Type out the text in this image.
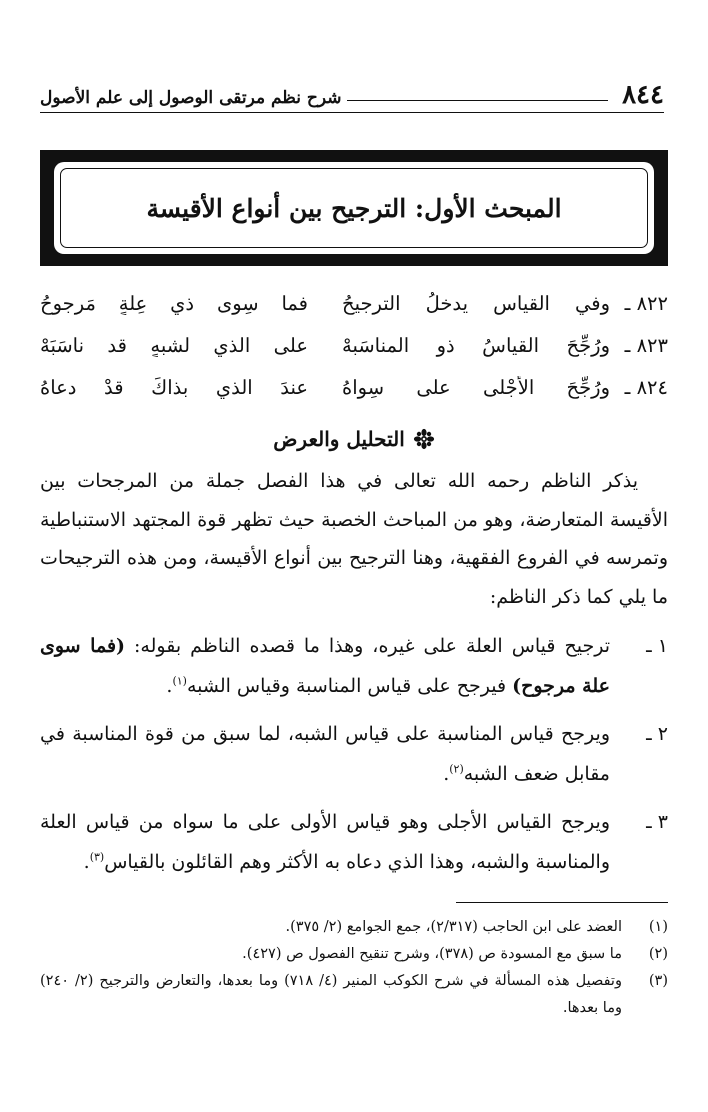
٨٤٤
شرح نظم مرتقى الوصول إلى علم الأصول
المبحث الأول: الترجيح بين أنواع الأقيسة
٨٢٢ ـ
وفي القياسِ يدخلُ الترجيحُ
فما سِوى ذي عِلةٍ مَرجوحُ
٨٢٣ ـ
ورُجِّحَ القياسُ ذو المناسَبهْ
على الذي لشبهٍ قد ناسَبَهْ
٨٢٤ ـ
ورُجِّحَ الأجْلى على سِواهُ
عندَ الذي بذاكَ قدْ دعاهُ
التحليل والعرض
يذكر الناظم رحمه الله تعالى في هذا الفصل جملة من المرجحات بين الأقيسة المتعارضة، وهو من المباحث الخصبة حيث تظهر قوة المجتهد الاستنباطية وتمرسه في الفروع الفقهية، وهنا الترجيح بين أنواع الأقيسة، ومن هذه الترجيحات ما يلي كما ذكر الناظم:
١ ـ
ترجيح قياس العلة على غيره، وهذا ما قصده الناظم بقوله: (فما سوى علة مرجوح) فيرجح على قياس المناسبة وقياس الشبه$^{(١)}$.
٢ ـ
ويرجح قياس المناسبة على قياس الشبه، لما سبق من قوة المناسبة في مقابل ضعف الشبه$^{(٢)}$.
٣ ـ
ويرجح القياس الأجلى وهو قياس الأولى على ما سواه من قياس العلة والمناسبة والشبه، وهذا الذي دعاه به الأكثر وهم القائلون بالقياس$^{(٣)}$.
(١)
العضد على ابن الحاجب (٢/٣١٧)، جمع الجوامع (٢/ ٣٧٥).
(٢)
ما سبق مع المسودة ص (٣٧٨)، وشرح تنقيح الفصول ص (٤٢٧).
(٣)
وتفصيل هذه المسألة في شرح الكوكب المنير (٤/ ٧١٨) وما بعدها، والتعارض والترجيح (٢/ ٢٤٠) وما بعدها.
